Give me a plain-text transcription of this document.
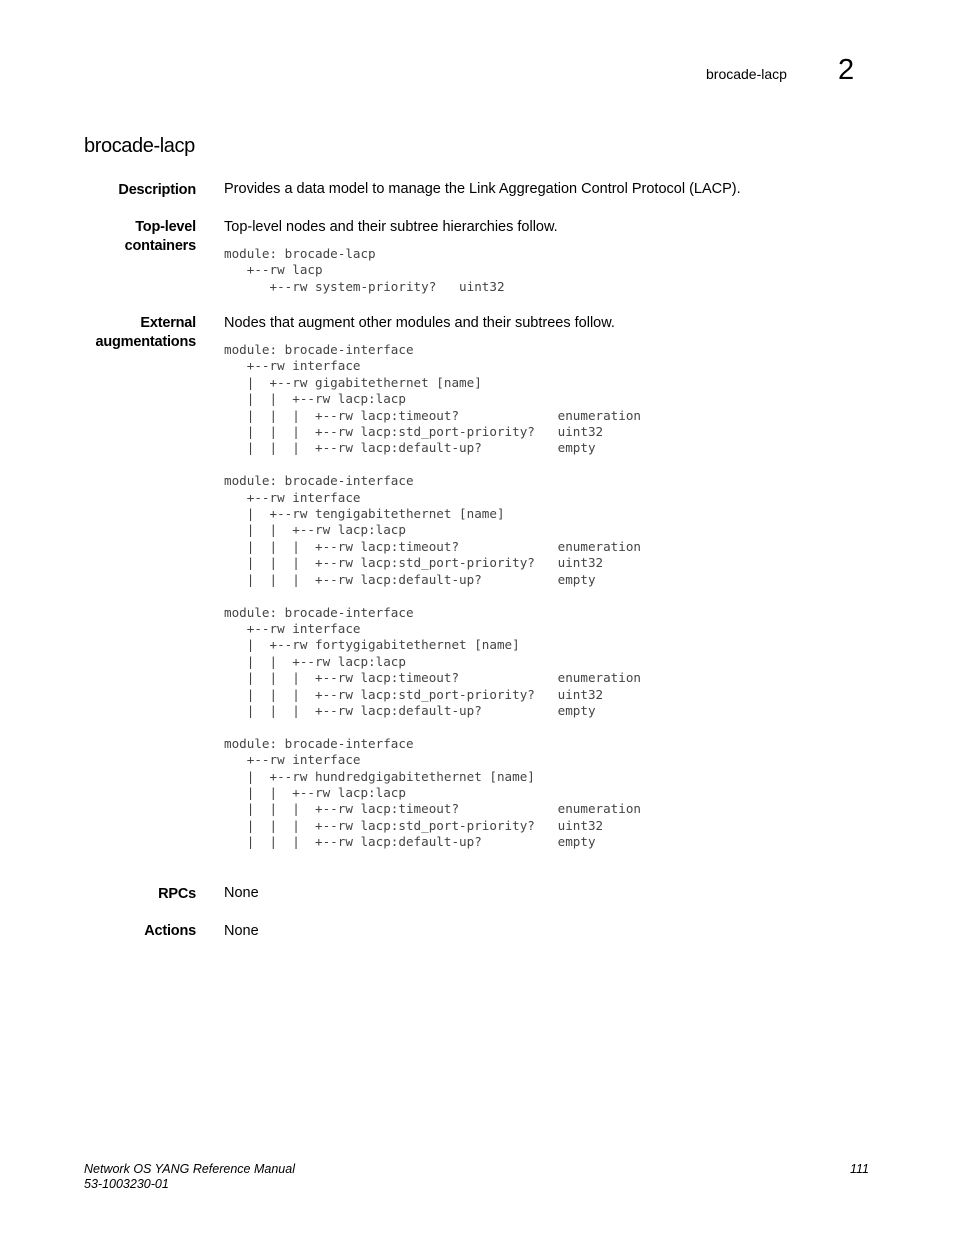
brocade-lacp 2
brocade-lacp
Description Provides a data model to manage the Link Aggregation Control Protocol (LACP).
Top-level
containers
Top-level nodes and their subtree hierarchies follow.
module: brocade-lacp
+--rw lacp
+--rw system-priority?   uint32
External
augmentations
Nodes that augment other modules and their subtrees follow.
module: brocade-interface
+--rw interface
|  +--rw gigabitethernet [name]
|  |  +--rw lacp:lacp
|  |  |  +--rw lacp:timeout?             enumeration
|  |  |  +--rw lacp:std_port-priority?   uint32
|  |  |  +--rw lacp:default-up?          empty

module: brocade-interface
+--rw interface
|  +--rw tengigabitethernet [name]
|  |  +--rw lacp:lacp
|  |  |  +--rw lacp:timeout?             enumeration
|  |  |  +--rw lacp:std_port-priority?   uint32
|  |  |  +--rw lacp:default-up?          empty

module: brocade-interface
+--rw interface
|  +--rw fortygigabitethernet [name]
|  |  +--rw lacp:lacp
|  |  |  +--rw lacp:timeout?             enumeration
|  |  |  +--rw lacp:std_port-priority?   uint32
|  |  |  +--rw lacp:default-up?          empty

module: brocade-interface
+--rw interface
|  +--rw hundredgigabitethernet [name]
|  |  +--rw lacp:lacp
|  |  |  +--rw lacp:timeout?             enumeration
|  |  |  +--rw lacp:std_port-priority?   uint32
|  |  |  +--rw lacp:default-up?          empty
RPCs None
Actions None
Network OS YANG Reference Manual
53-1003230-01
111
